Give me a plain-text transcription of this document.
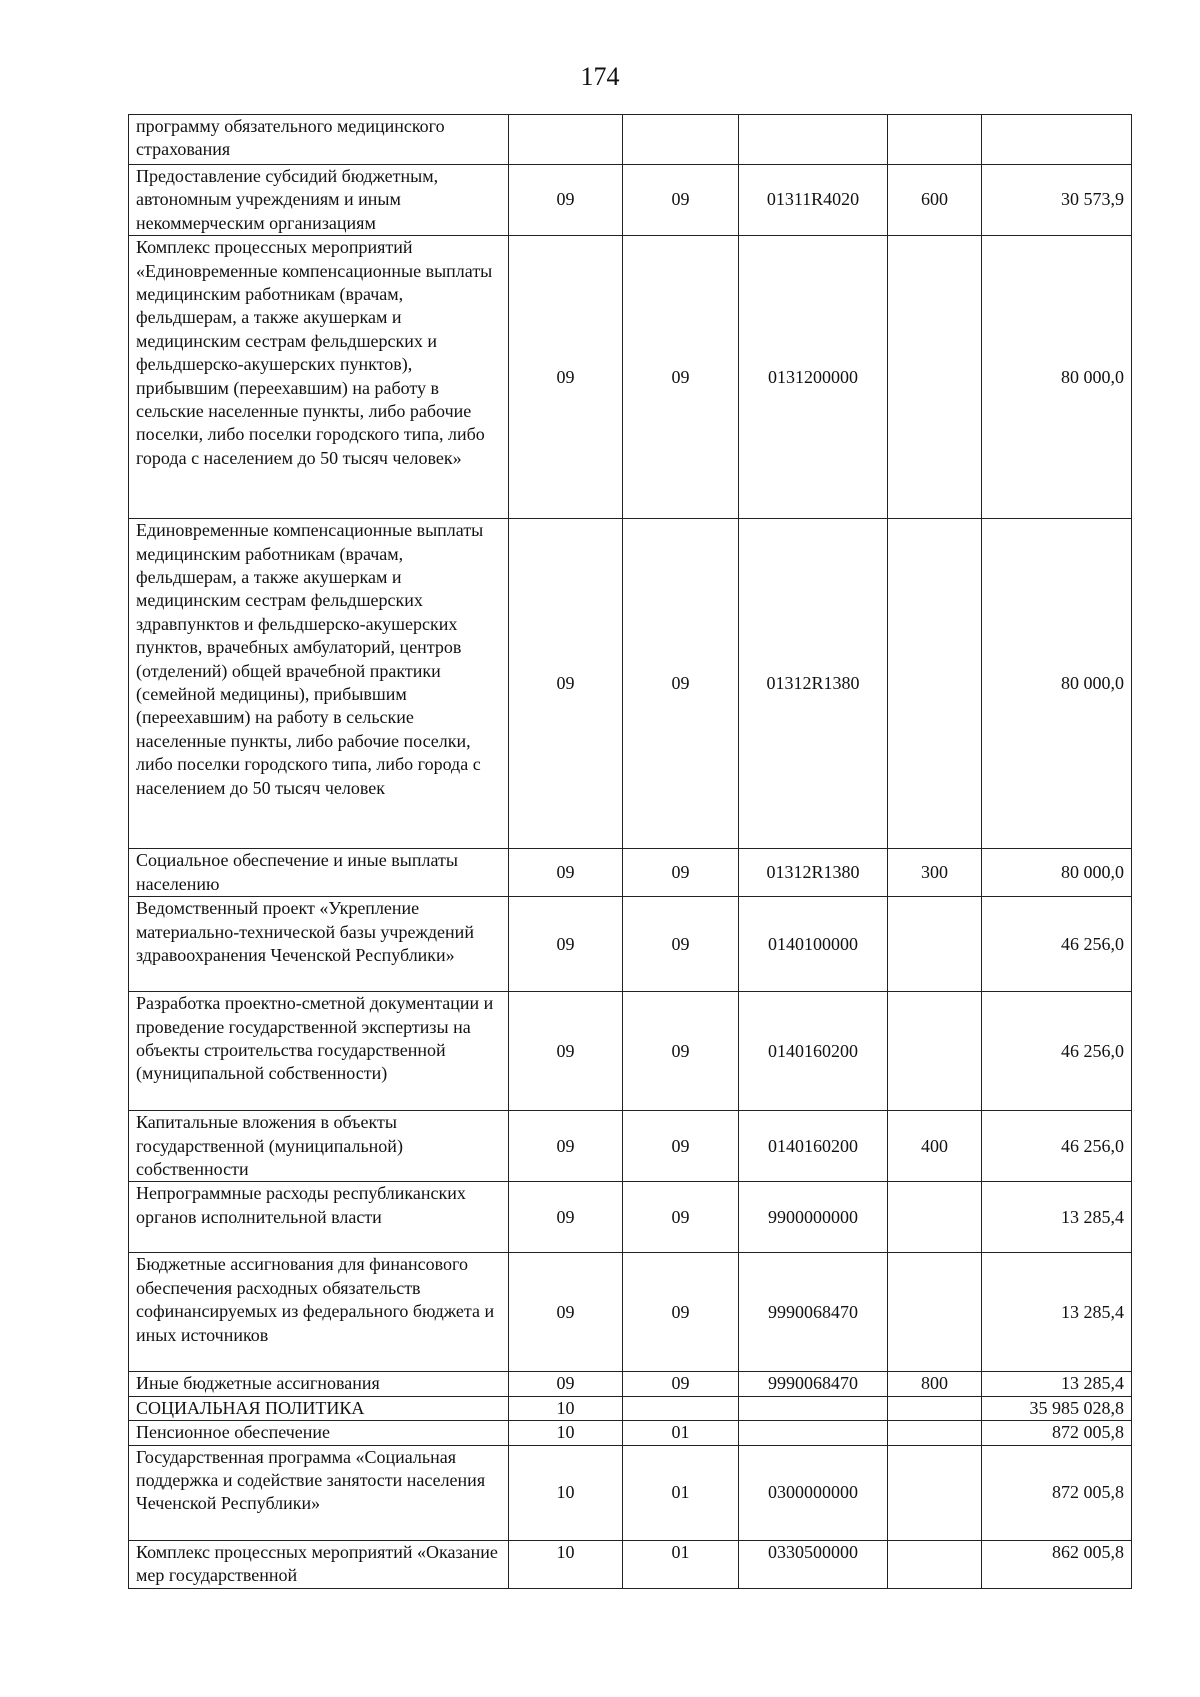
174
программу обязательного медицинского страхования					
Предоставление субсидий бюджетным, автономным учреждениям и иным некоммерческим организациям	09	09	01311R4020	600	30 573,9
Комплекс процессных мероприятий «Единовременные компенсационные выплаты медицинским работникам (врачам, фельдшерам, а также акушеркам и медицинским сестрам фельдшерских и фельдшерско-акушерских пунктов), прибывшим (переехавшим) на работу в сельские населенные пункты, либо рабочие поселки, либо поселки городского типа, либо города с населением до 50 тысяч человек»	09	09	0131200000		80 000,0
Единовременные компенсационные выплаты медицинским работникам (врачам, фельдшерам, а также акушеркам и медицинским сестрам фельдшерских здравпунктов и фельдшерско-акушерских пунктов, врачебных амбулаторий, центров (отделений) общей врачебной практики (семейной медицины), прибывшим (переехавшим) на работу в сельские населенные пункты, либо рабочие поселки, либо поселки городского типа, либо города с населением до 50 тысяч человек	09	09	01312R1380		80 000,0
Социальное обеспечение и иные выплаты населению	09	09	01312R1380	300	80 000,0
Ведомственный проект «Укрепление материально-технической базы учреждений здравоохранения Чеченской Республики»	09	09	0140100000		46 256,0
Разработка проектно-сметной документации и проведение государственной экспертизы на объекты строительства государственной (муниципальной собственности)	09	09	0140160200		46 256,0
Капитальные вложения в объекты государственной (муниципальной) собственности	09	09	0140160200	400	46 256,0
Непрограммные расходы республиканских органов исполнительной власти	09	09	9900000000		13 285,4
Бюджетные ассигнования для финансового обеспечения расходных обязательств софинансируемых из федерального бюджета и иных источников	09	09	9990068470		13 285,4
Иные бюджетные ассигнования	09	09	9990068470	800	13 285,4
СОЦИАЛЬНАЯ ПОЛИТИКА	10				35 985 028,8
Пенсионное обеспечение	10	01			872 005,8
Государственная программа «Социальная поддержка и содействие занятости населения Чеченской Республики»	10	01	0300000000		872 005,8
Комплекс процессных мероприятий «Оказание мер государственной	10	01	0330500000		862 005,8
